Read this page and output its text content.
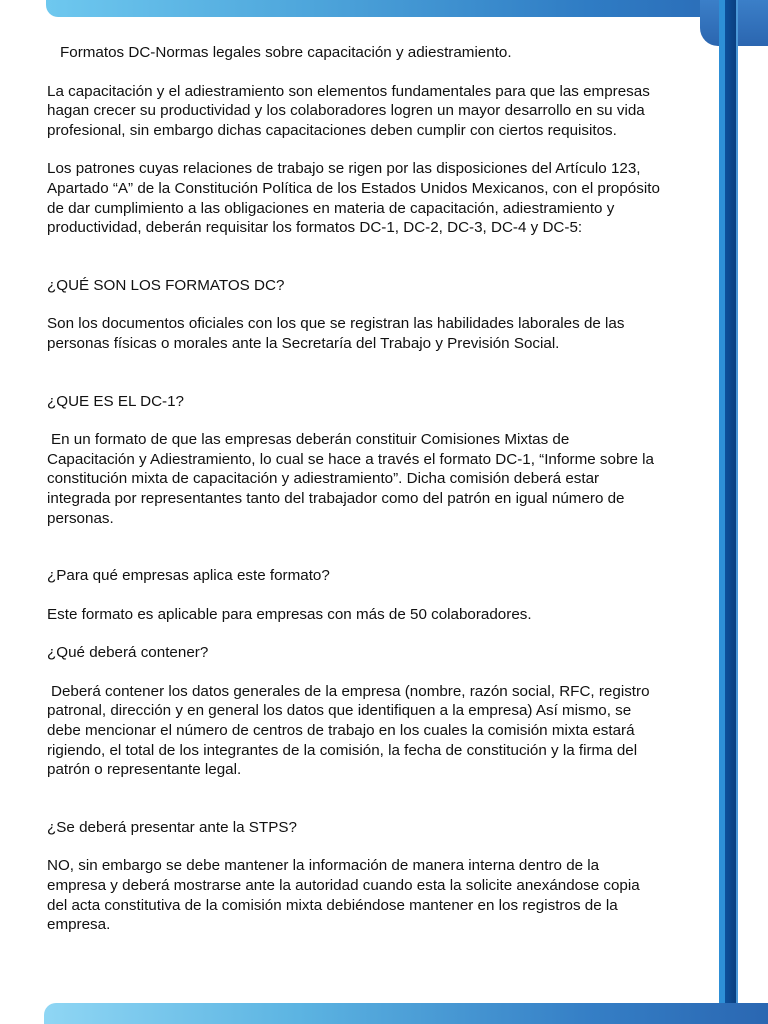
Formatos DC-Normas legales sobre capacitación y adiestramiento.

La capacitación y el adiestramiento son elementos fundamentales para que las empresas
hagan crecer su productividad y los colaboradores logren un mayor desarrollo en su vida
profesional, sin embargo dichas capacitaciones deben cumplir con ciertos requisitos.

Los patrones cuyas relaciones de trabajo se rigen por las disposiciones del Artículo 123,
Apartado “A” de la Constitución Política de los Estados Unidos Mexicanos, con el propósito
de dar cumplimiento a las obligaciones en materia de capacitación, adiestramiento y
productividad, deberán requisitar los formatos DC-1, DC-2, DC-3, DC-4 y DC-5:

¿QUÉ SON LOS FORMATOS DC?

Son los documentos oficiales con los que se registran las habilidades laborales de las
personas físicas o morales ante la Secretaría del Trabajo y Previsión Social.

¿QUE ES EL DC-1?

En un formato de que las empresas deberán constituir Comisiones Mixtas de
Capacitación y Adiestramiento, lo cual se hace a través el formato DC-1, “Informe sobre la
constitución mixta de capacitación y adiestramiento”. Dicha comisión deberá estar
integrada por representantes tanto del trabajador como del patrón en igual número de
personas.

¿Para qué empresas aplica este formato?

Este formato es aplicable para empresas con más de 50 colaboradores.

¿Qué deberá contener?

Deberá contener los datos generales de la empresa (nombre, razón social, RFC, registro
patronal, dirección y en general los datos que identifiquen a la empresa) Así mismo, se
debe mencionar el número de centros de trabajo en los cuales la comisión mixta estará
rigiendo, el total de los integrantes de la comisión, la fecha de constitución y la firma del
patrón o representante legal.

¿Se deberá presentar ante la STPS?

NO, sin embargo se debe mantener la información de manera interna dentro de la
empresa y deberá mostrarse ante la autoridad cuando esta la solicite anexándose copia
del acta constitutiva de la comisión mixta debiéndose mantener en los registros de la
empresa.
